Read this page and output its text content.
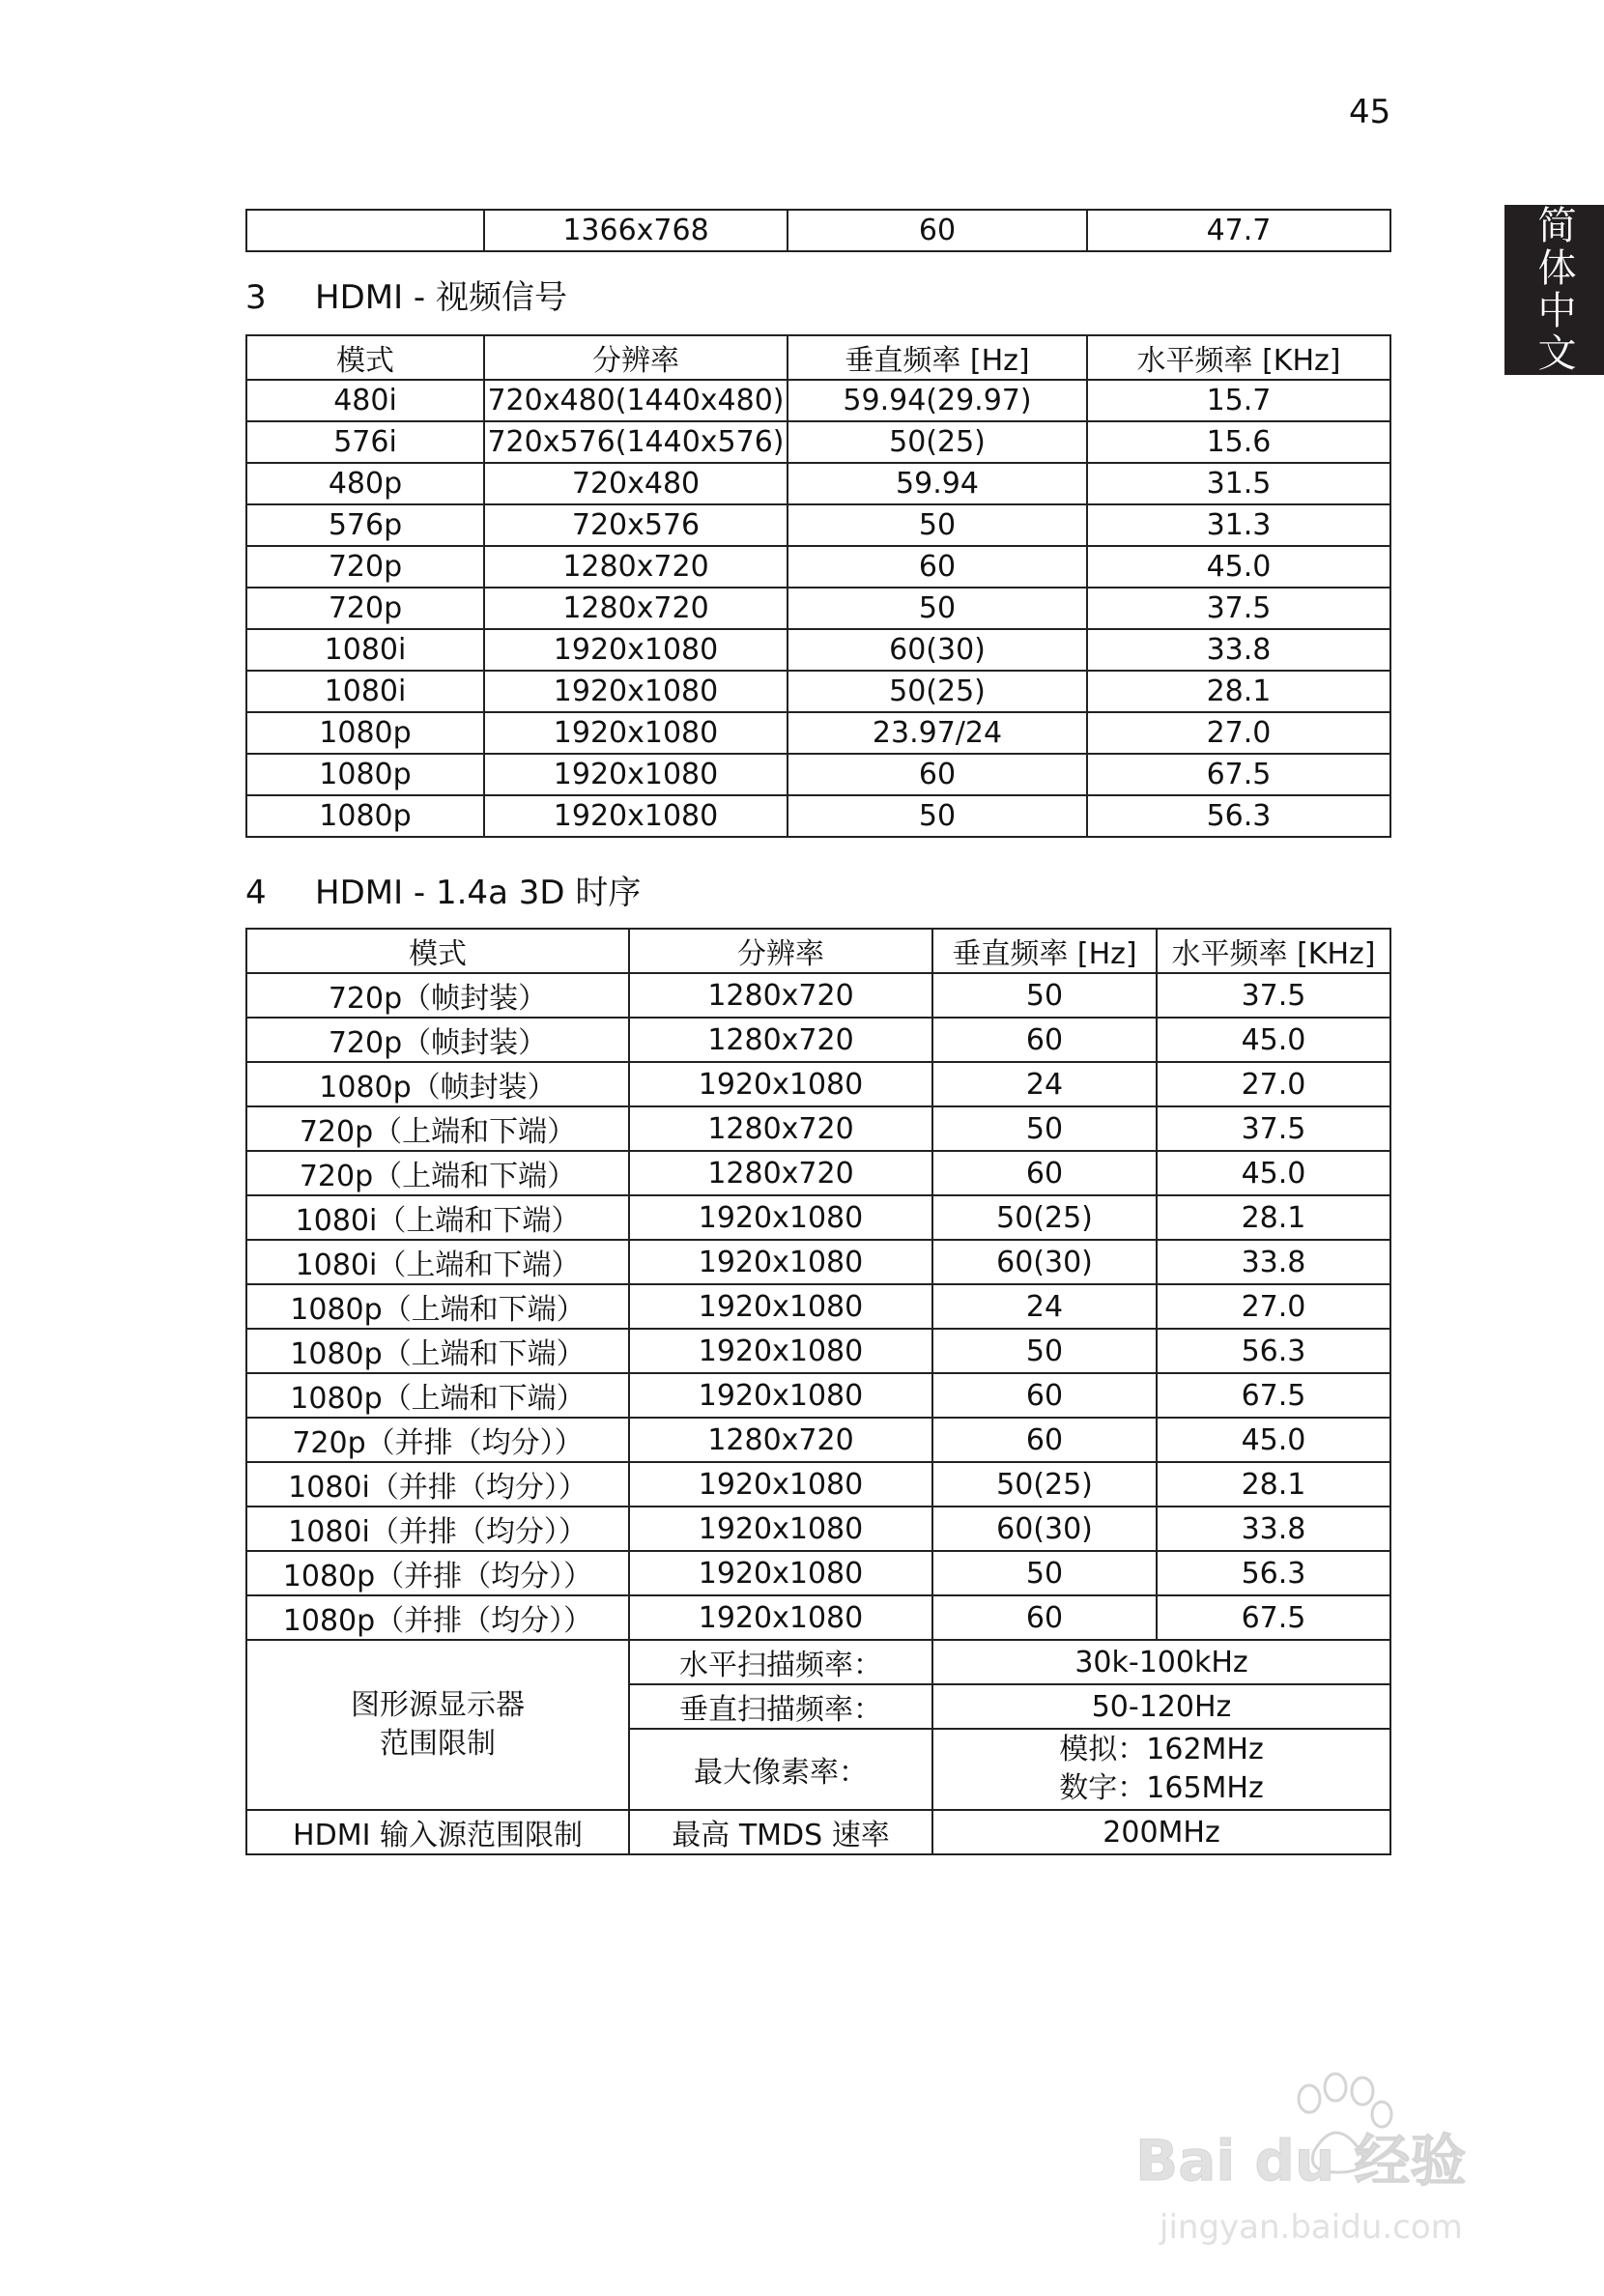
45
简体中文
	1366x768	60	47.7
3 HDMI - 视频信号
模式	分辨率	垂直频率 [Hz]	水平频率 [KHz]
480i	720x480(1440x480)	59.94(29.97)	15.7
576i	720x576(1440x576)	50(25)	15.6
480p	720x480	59.94	31.5
576p	720x576	50	31.3
720p	1280x720	60	45.0
720p	1280x720	50	37.5
1080i	1920x1080	60(30)	33.8
1080i	1920x1080	50(25)	28.1
1080p	1920x1080	23.97/24	27.0
1080p	1920x1080	60	67.5
1080p	1920x1080	50	56.3
4 HDMI - 1.4a 3D 时序
模式	分辨率	垂直频率 [Hz]	水平频率 [KHz]
720p（帧封装）	1280x720	50	37.5
720p（帧封装）	1280x720	60	45.0
1080p（帧封装）	1920x1080	24	27.0
720p（上端和下端）	1280x720	50	37.5
720p（上端和下端）	1280x720	60	45.0
1080i（上端和下端）	1920x1080	50(25)	28.1
1080i（上端和下端）	1920x1080	60(30)	33.8
1080p（上端和下端）	1920x1080	24	27.0
1080p（上端和下端）	1920x1080	50	56.3
1080p（上端和下端）	1920x1080	60	67.5
720p（并排（均分））	1280x720	60	45.0
1080i（并排（均分））	1920x1080	50(25)	28.1
1080i（并排（均分））	1920x1080	60(30)	33.8
1080p（并排（均分））	1920x1080	50	56.3
1080p（并排（均分））	1920x1080	60	67.5

图形源显示器
范围限制	水平扫描频率：	30k-100kHz	
	垂直扫描频率：	50-120Hz	
	最大像素率：	模拟：162MHz
数字：165MHz	

HDMI 输入源范围限制	最高 TMDS 速率	200MHz	
Bai du 经验
jingyan.baidu.com
